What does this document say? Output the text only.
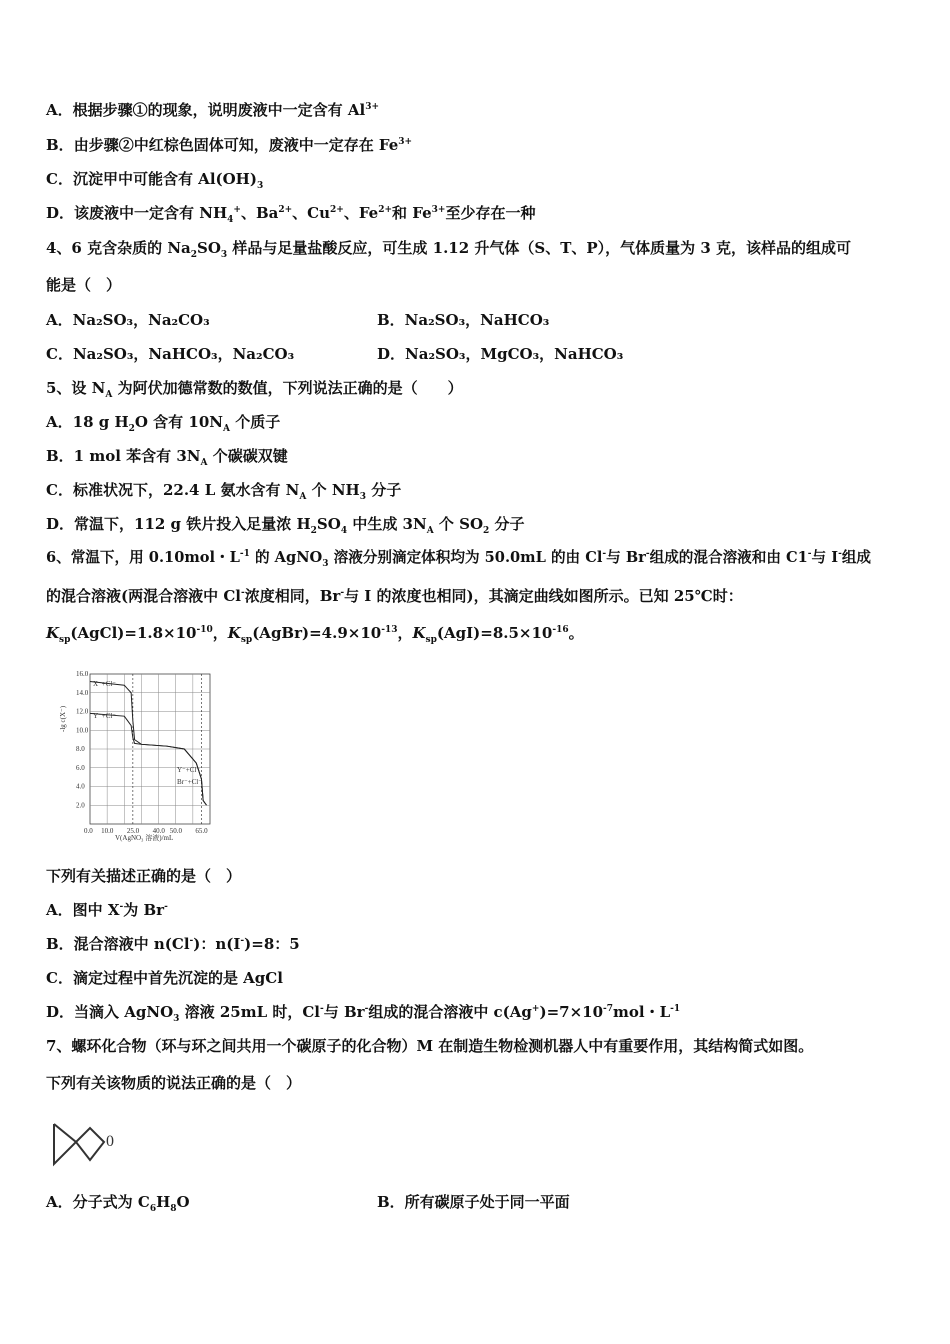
A．根据步骤①的现象，说明废液中一定含有 $Al^{3+}$
B．由步骤②中红棕色固体可知，废液中一定存在 $Fe^{3+}$
C．沉淀甲中可能含有 $Al(OH)_3$
D．该废液中一定含有 $NH_4^+$、$Ba^{2+}$、$Cu^{2+}$、$Fe^{2+}$和 $Fe^{3+}$至少存在一种
4、6 克含杂质的 $Na_2SO_3$ 样品与足量盐酸反应，可生成 1.12 升气体（S、T、P），气体质量为 3 克，该样品的组成可
能是（　）
A．Na₂SO₃，Na₂CO₃	B．Na₂SO₃，NaHCO₃
C．Na₂SO₃，NaHCO₃，Na₂CO₃	D．Na₂SO₃，MgCO₃，NaHCO₃
5、设 $N_A$ 为阿伏加德常数的数值，下列说法正确的是（　　）
A．18 g $H_2O$ 含有 $10N_A$ 个质子
B．1 mol 苯含有 $3N_A$ 个碳碳双键
C．标准状况下，22.4 L 氨水含有 $N_A$ 个 $NH_3$ 分子
D．常温下，112 g 铁片投入足量浓 $H_2SO_4$ 中生成 $3N_A$ 个 $SO_2$ 分子
6、常温下，用 0.10mol・$L^{-1}$ 的 AgNO$_3$ 溶液分别滴定体积均为 50.0mL 的由 Cl-与 Br-组成的混合溶液和由 C1-与 I-组成
的混合溶液(两混合溶液中 Cl-浓度相同，Br-与 I 的浓度也相同)，其滴定曲线如图所示。已知 25℃时：
$K_{sp}(AgCl)=1.8\times 10^{-10}$，$K_{sp}(AgBr)=4.9\times 10^{-13}$，$K_{sp}(AgI)=8.5\times 10^{-16}$。
0.0 10.0 25.0 40.0 50.0 65.0
2.0
4.0
6.0
8.0
10.0
12.0
14.0
16.0
-lg c(X⁻)
V(AgNO₃ 溶液)/mL
X⁻+Cl⁻
Y⁻+Cl⁻
Y⁻+Cl⁻
Br⁻+Cl⁻
下列有关描述正确的是（　）
A．图中 X-为 Br-
B．混合溶液中 n(Cl-)：n(I-)=8：5
C．滴定过程中首先沉淀的是 AgCl
D．当滴入 AgNO$_3$ 溶液 25mL 时，Cl-与 Br-组成的混合溶液中 $c(Ag^+)=7\times 10^{-7}mol$・$L^{-1}$
7、螺环化合物（环与环之间共用一个碳原子的化合物）M 在制造生物检测机器人中有重要作用，其结构简式如图。
下列有关该物质的说法正确的是（　）
0
A．分子式为 $C_6H_8O$	B．所有碳原子处于同一平面
